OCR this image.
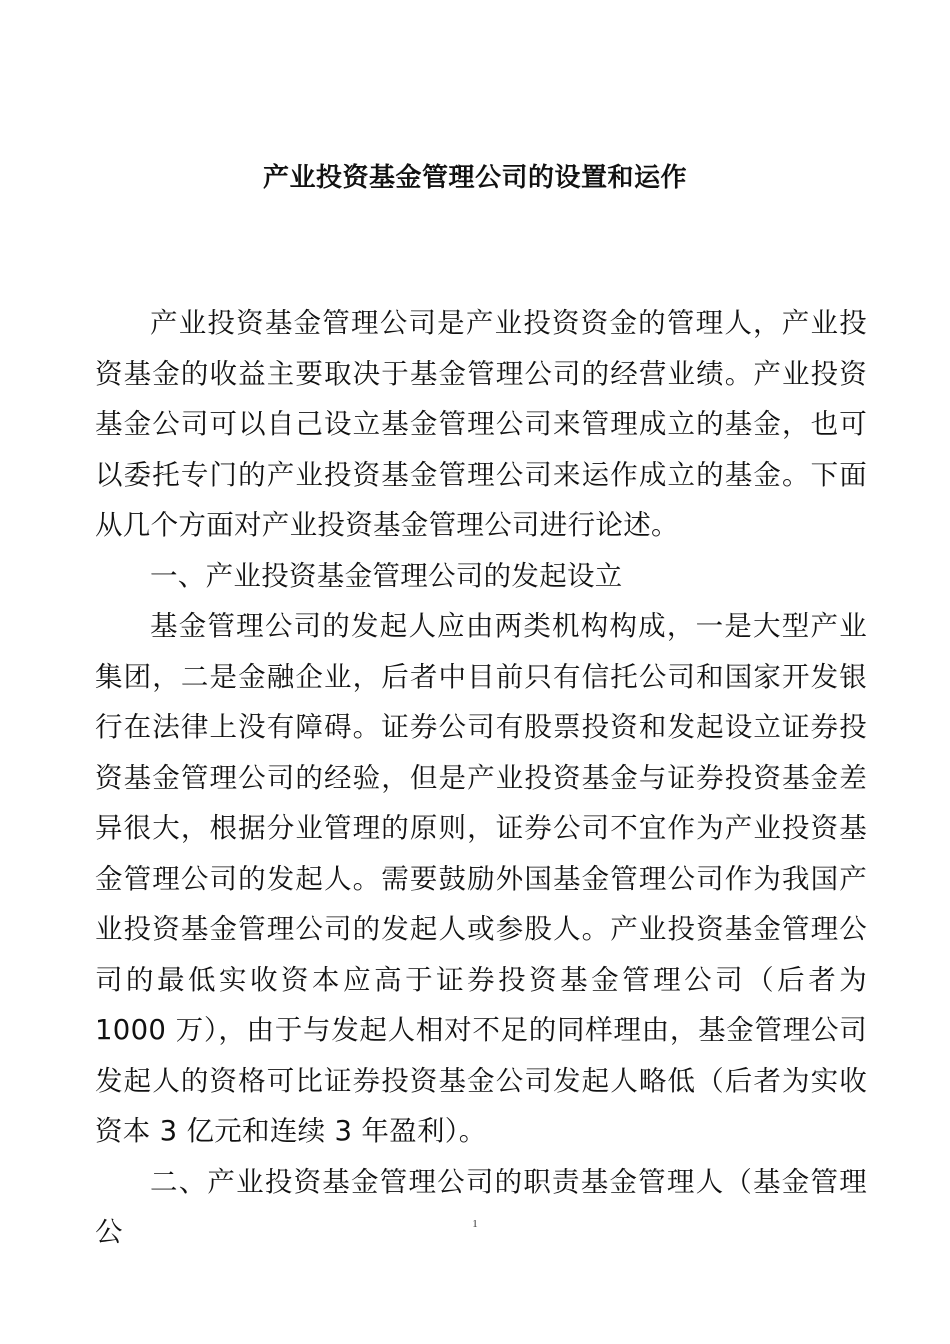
产业投资基金管理公司的设置和运作

产业投资基金管理公司是产业投资资金的管理人，产业投资基金的收益主要取决于基金管理公司的经营业绩。产业投资基金公司可以自己设立基金管理公司来管理成立的基金，也可以委托专门的产业投资基金管理公司来运作成立的基金。下面从几个方面对产业投资基金管理公司进行论述。

一、产业投资基金管理公司的发起设立

基金管理公司的发起人应由两类机构构成，一是大型产业集团，二是金融企业，后者中目前只有信托公司和国家开发银行在法律上没有障碍。证券公司有股票投资和发起设立证券投资基金管理公司的经验，但是产业投资基金与证券投资基金差异很大，根据分业管理的原则，证券公司不宜作为产业投资基金管理公司的发起人。需要鼓励外国基金管理公司作为我国产业投资基金管理公司的发起人或参股人。产业投资基金管理公司的最低实收资本应高于证券投资基金管理公司（后者为 1000 万），由于与发起人相对不足的同样理由，基金管理公司发起人的资格可比证券投资基金公司发起人略低（后者为实收资本 3 亿元和连续 3 年盈利）。

二、产业投资基金管理公司的职责基金管理人（基金管理公	1
